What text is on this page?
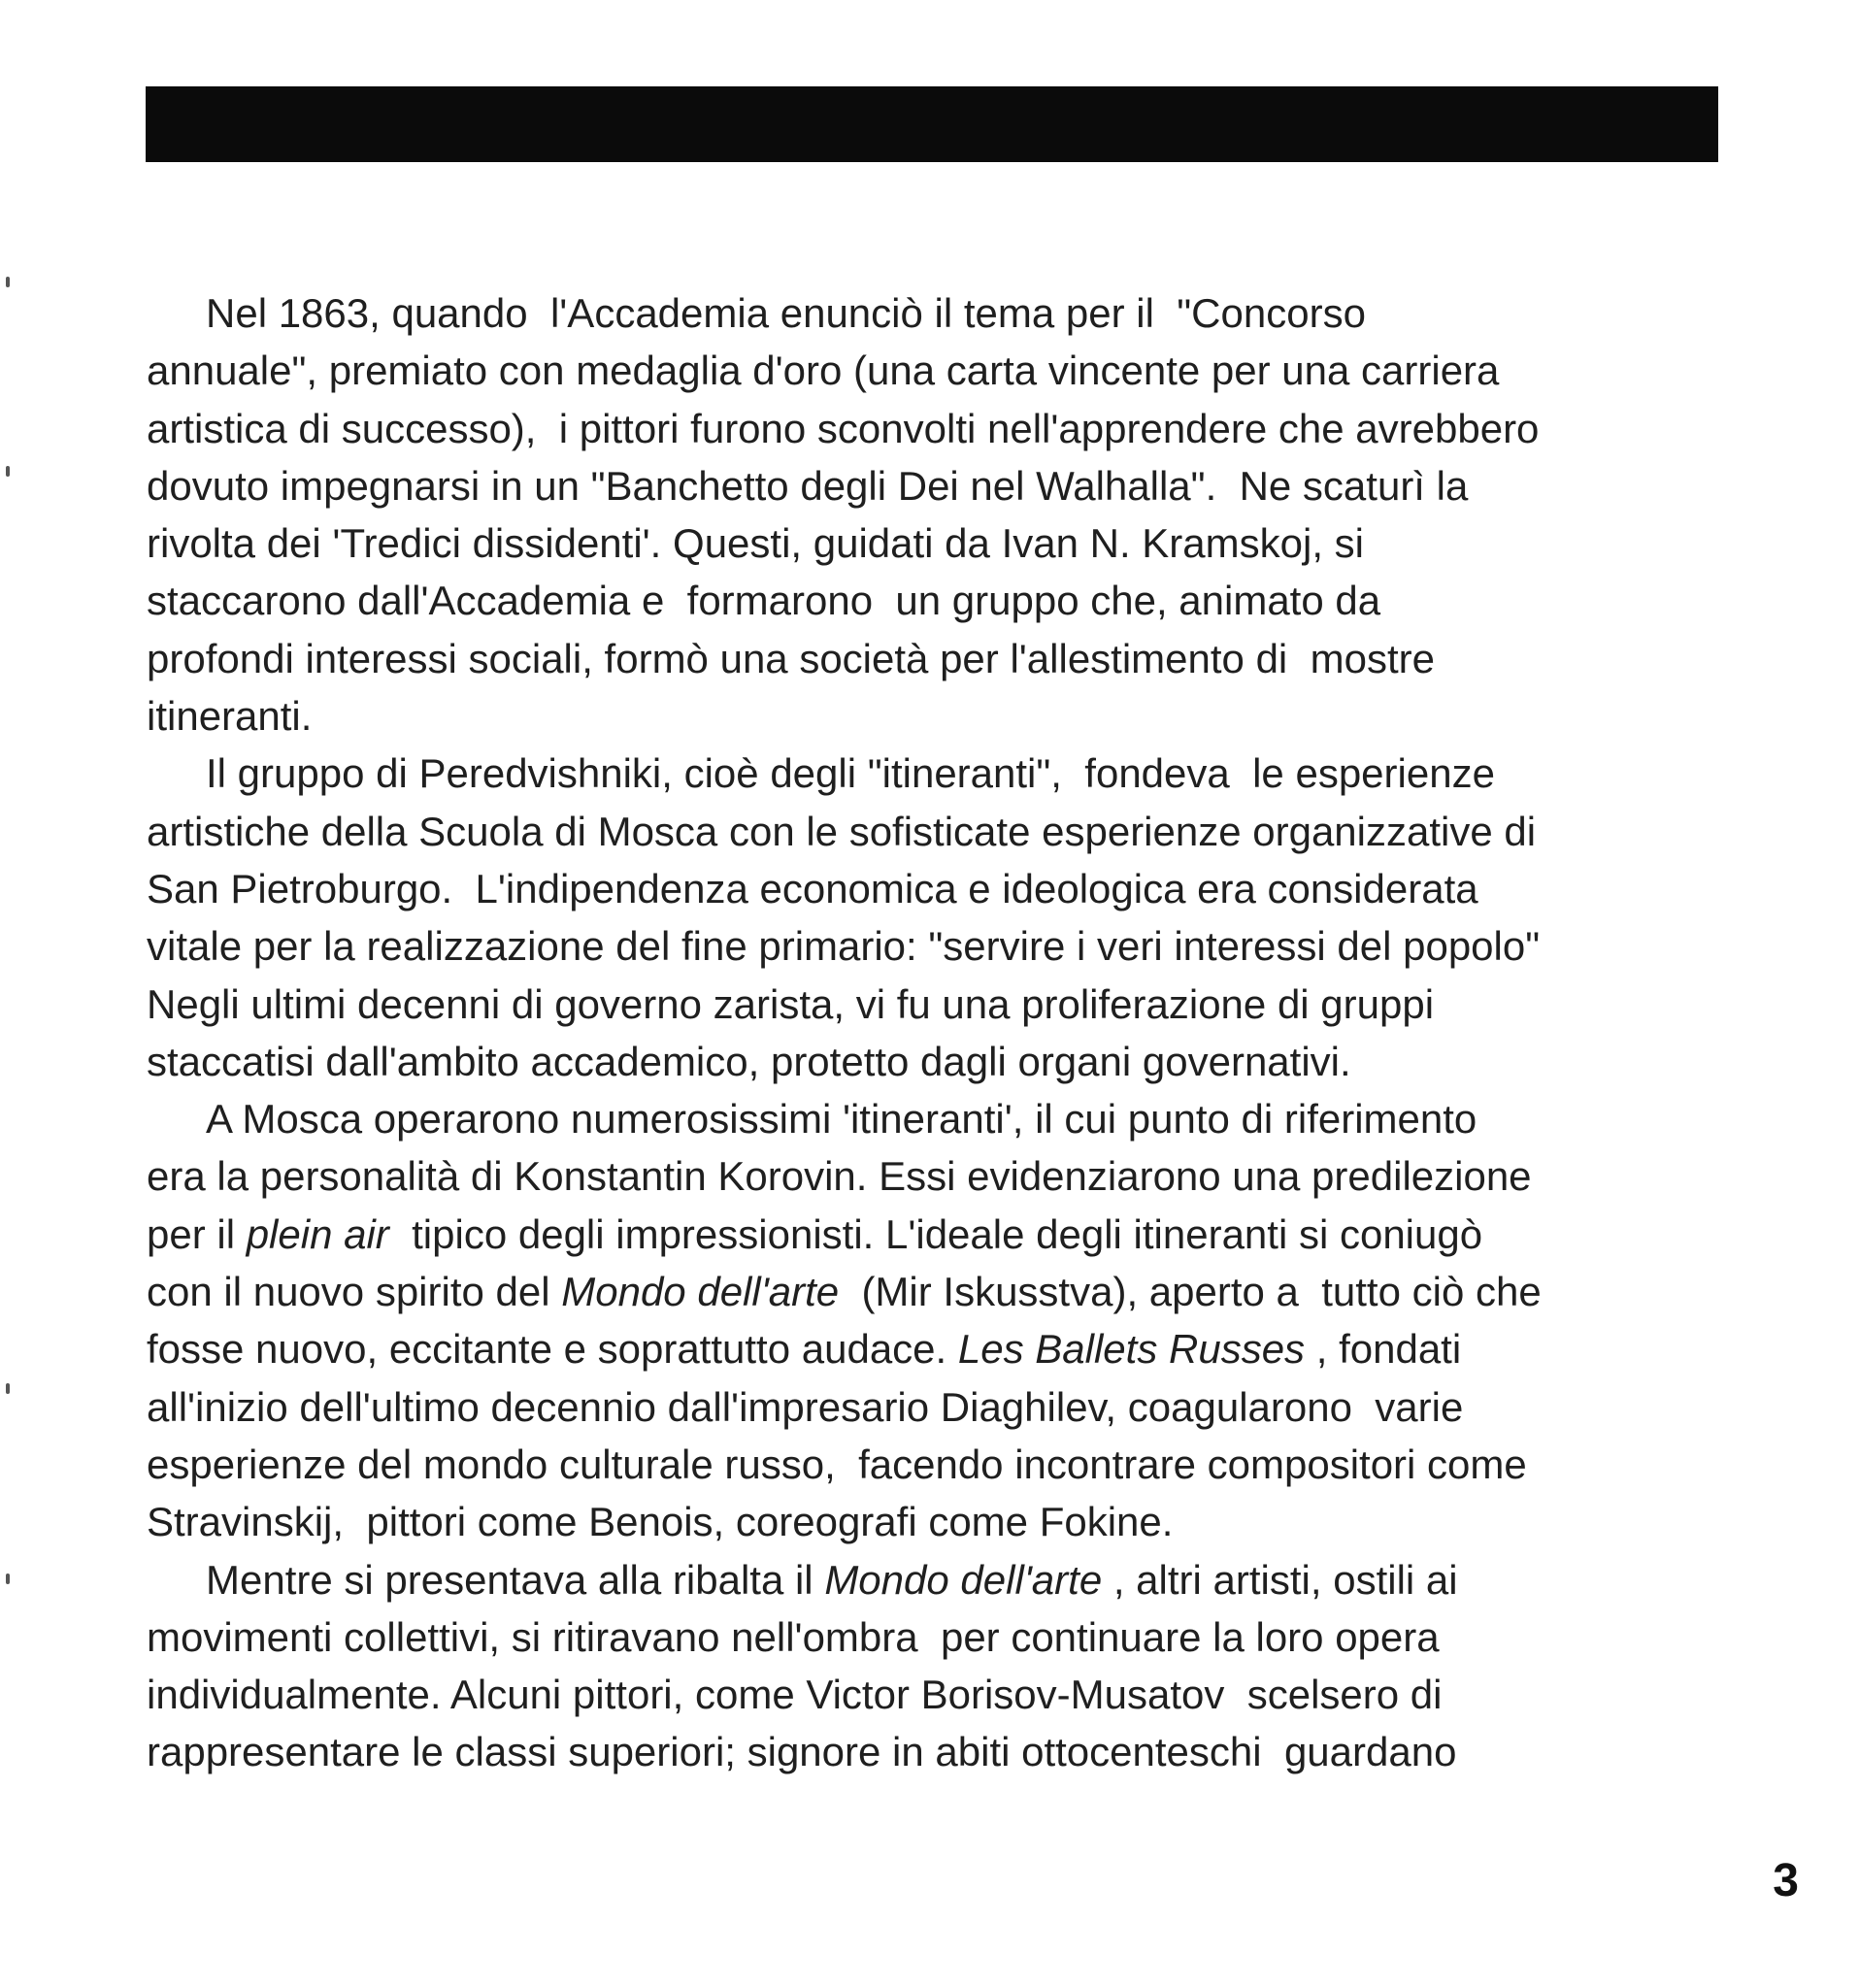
Nel 1863, quando  l'Accademia enunciò il tema per il  "Concorso
annuale", premiato con medaglia d'oro (una carta vincente per una carriera
artistica di successo),  i pittori furono sconvolti nell'apprendere che avrebbero
dovuto impegnarsi in un "Banchetto degli Dei nel Walhalla".  Ne scaturì la
rivolta dei 'Tredici dissidenti'. Questi, guidati da Ivan N. Kramskoj, si
staccarono dall'Accademia e  formarono  un gruppo che, animato da
profondi interessi sociali, formò una società per l'allestimento di  mostre
itineranti.
Il gruppo di Peredvishniki, cioè degli "itineranti",  fondeva  le esperienze
artistiche della Scuola di Mosca con le sofisticate esperienze organizzative di
San Pietroburgo.  L'indipendenza economica e ideologica era considerata
vitale per la realizzazione del fine primario: "servire i veri interessi del popolo"
Negli ultimi decenni di governo zarista, vi fu una proliferazione di gruppi
staccatisi dall'ambito accademico, protetto dagli organi governativi.
A Mosca operarono numerosissimi 'itineranti', il cui punto di riferimento
era la personalità di Konstantin Korovin. Essi evidenziarono una predilezione
per il plein air  tipico degli impressionisti. L'ideale degli itineranti si coniugò
con il nuovo spirito del Mondo dell'arte  (Mir Iskusstva), aperto a  tutto ciò che
fosse nuovo, eccitante e soprattutto audace. Les Ballets Russes , fondati
all'inizio dell'ultimo decennio dall'impresario Diaghilev, coagularono  varie
esperienze del mondo culturale russo,  facendo incontrare compositori come
Stravinskij,  pittori come Benois, coreografi come Fokine.
Mentre si presentava alla ribalta il Mondo dell'arte , altri artisti, ostili ai
movimenti collettivi, si ritiravano nell'ombra  per continuare la loro opera
individualmente. Alcuni pittori, come Victor Borisov-Musatov  scelsero di
rappresentare le classi superiori; signore in abiti ottocenteschi  guardano
3
